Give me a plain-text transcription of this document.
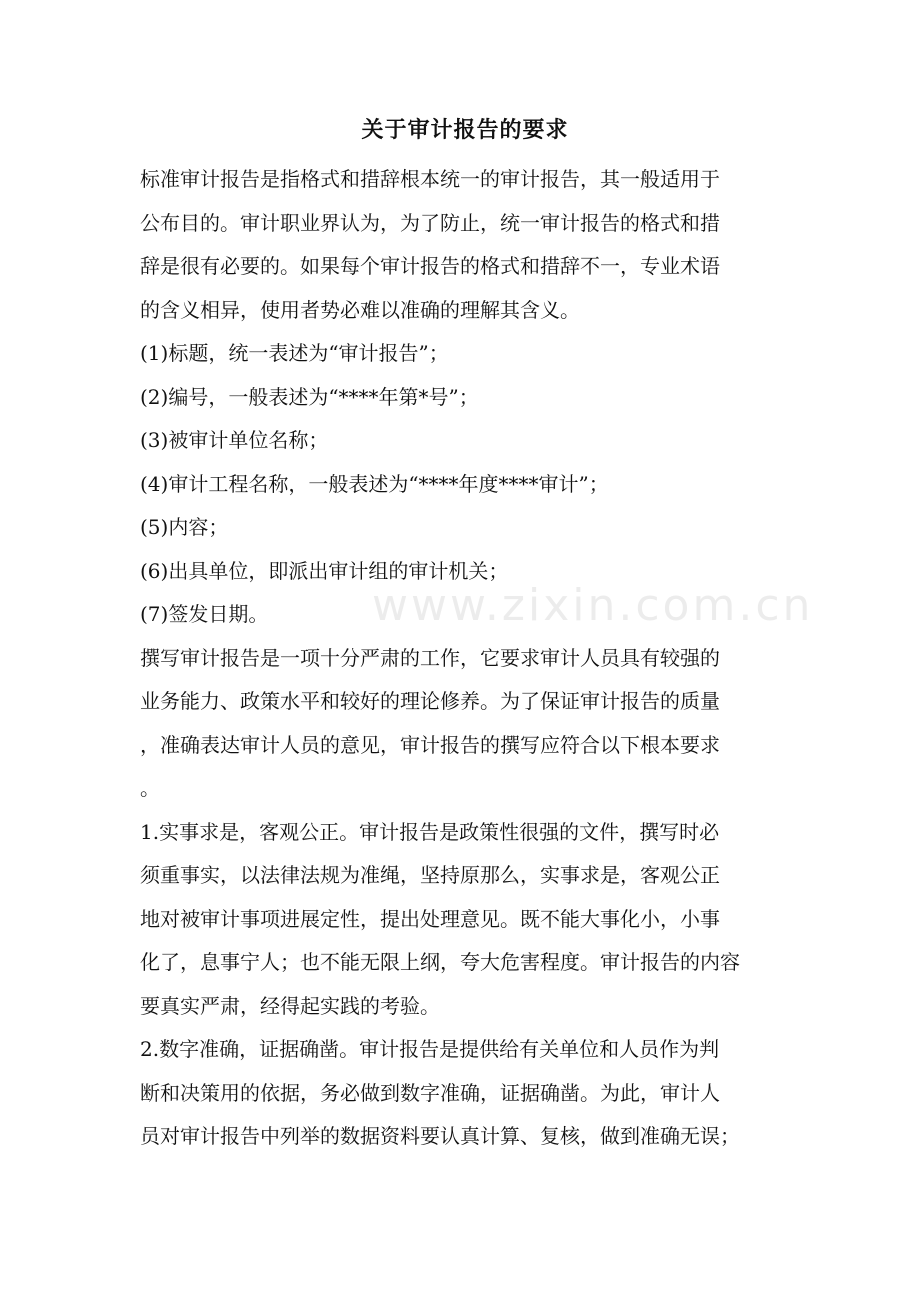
关于审计报告的要求

标准审计报告是指格式和措辞根本统一的审计报告，其一般适用于

公布目的。审计职业界认为，为了防止，统一审计报告的格式和措

辞是很有必要的。如果每个审计报告的格式和措辞不一，专业术语

的含义相异，使用者势必难以准确的理解其含义。

(1)标题，统一表述为“审计报告”；

(2)编号，一般表述为“****年第*号”；

(3)被审计单位名称；

(4)审计工程名称，一般表述为“****年度****审计”；

(5)内容；

(6)出具单位，即派出审计组的审计机关；

(7)签发日期。

撰写审计报告是一项十分严肃的工作，它要求审计人员具有较强的

业务能力、政策水平和较好的理论修养。为了保证审计报告的质量

，准确表达审计人员的意见，审计报告的撰写应符合以下根本要求

。

1.实事求是，客观公正。审计报告是政策性很强的文件，撰写时必

须重事实，以法律法规为准绳，坚持原那么，实事求是，客观公正

地对被审计事项进展定性，提出处理意见。既不能大事化小，小事

化了，息事宁人；也不能无限上纲，夸大危害程度。审计报告的内容

要真实严肃，经得起实践的考验。

2.数字准确，证据确凿。审计报告是提供给有关单位和人员作为判

断和决策用的依据，务必做到数字准确，证据确凿。为此，审计人

员对审计报告中列举的数据资料要认真计算、复核，做到准确无误；

www.zixin.com.cn
